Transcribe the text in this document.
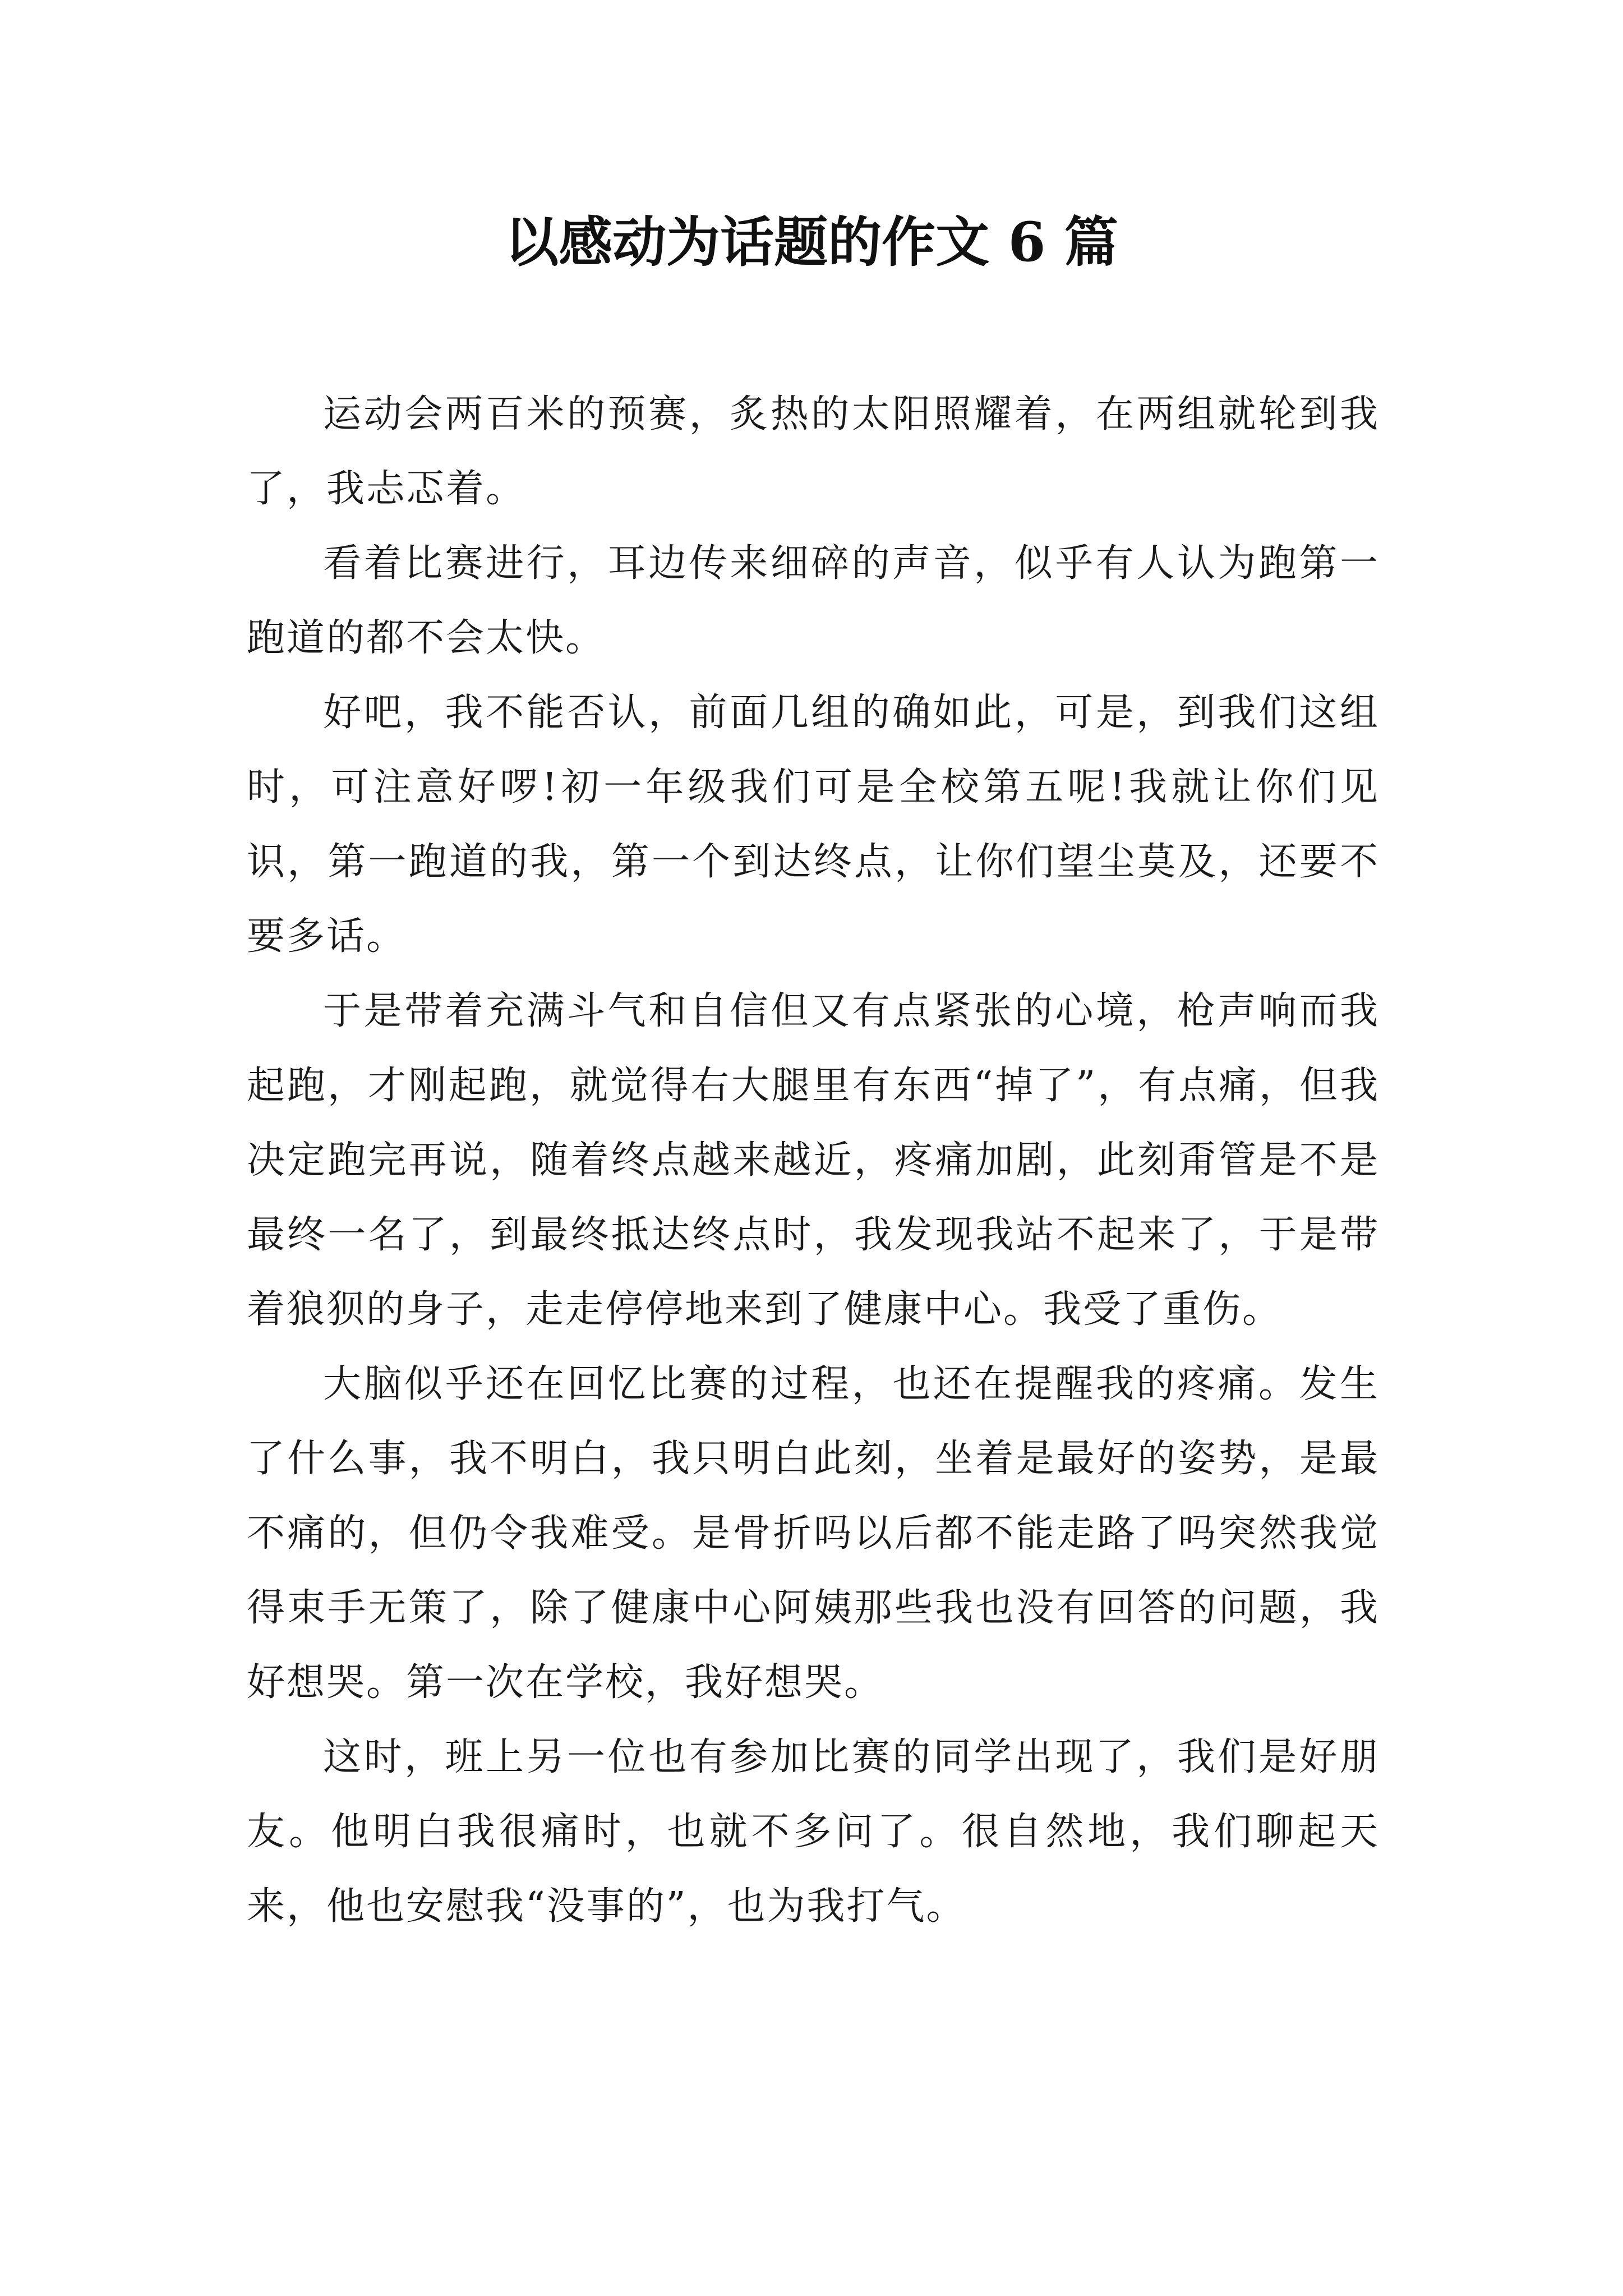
以感动为话题的作文 6 篇

运动会两百米的预赛，炙热的太阳照耀着，在两组就轮到我了，我忐忑着。

看着比赛进行，耳边传来细碎的声音，似乎有人认为跑第一跑道的都不会太快。

好吧，我不能否认，前面几组的确如此，可是，到我们这组时，可注意好啰!初一年级我们可是全校第五呢!我就让你们见识，第一跑道的我，第一个到达终点，让你们望尘莫及，还要不要多话。

于是带着充满斗气和自信但又有点紧张的心境，枪声响而我起跑，才刚起跑，就觉得右大腿里有东西“掉了”，有点痛，但我决定跑完再说，随着终点越来越近，疼痛加剧，此刻甭管是不是最终一名了，到最终抵达终点时，我发现我站不起来了，于是带着狼狈的身子，走走停停地来到了健康中心。我受了重伤。

大脑似乎还在回忆比赛的过程，也还在提醒我的疼痛。发生了什么事，我不明白，我只明白此刻，坐着是最好的姿势，是最不痛的，但仍令我难受。是骨折吗以后都不能走路了吗突然我觉得束手无策了，除了健康中心阿姨那些我也没有回答的问题，我好想哭。第一次在学校，我好想哭。

这时，班上另一位也有参加比赛的同学出现了，我们是好朋友。他明白我很痛时，也就不多问了。很自然地，我们聊起天来，他也安慰我“没事的”，也为我打气。
